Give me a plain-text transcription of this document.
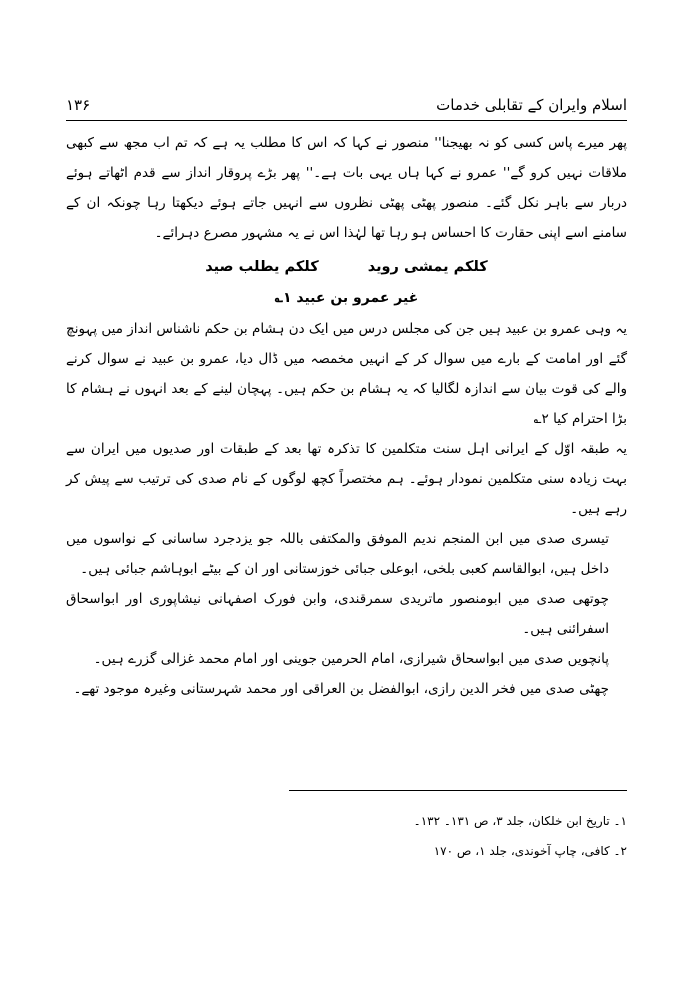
اسلام وایران کے تقابلی خدمات
۱۳۶

پھر میرے پاس کسی کو نہ بھیجنا'' منصور نے کہا کہ اس کا مطلب یہ ہے کہ تم اب مجھ سے کبھی ملاقات نہیں کرو گے'' عمرو نے کہا ہاں یہی بات ہے۔'' پھر بڑے پروقار انداز سے قدم اٹھاتے ہوئے دربار سے باہر نکل گئے۔ منصور پھٹی پھٹی نظروں سے انہیں جاتے ہوئے دیکھتا رہا چونکہ ان کے سامنے اسے اپنی حقارت کا احساس ہو رہا تھا لہٰذا اس نے یہ مشہور مصرع دہرائے۔

کلکم یمشی روید کلکم یطلب صید

غیر عمرو بن عبید ۱؎

یہ وہی عمرو بن عبید ہیں جن کی مجلس درس میں ایک دن ہشام بن حکم ناشناس انداز میں پہونچ گئے اور امامت کے بارے میں سوال کر کے انہیں مخمصہ میں ڈال دیا، عمرو بن عبید نے سوال کرنے والے کی قوت بیان سے اندازہ لگالیا کہ یہ ہشام بن حکم ہیں۔ پہچان لینے کے بعد انہوں نے ہشام کا بڑا احترام کیا ۲؎

یہ طبقہ اوّل کے ایرانی اہل سنت متکلمین کا تذکرہ تھا بعد کے طبقات اور صدیوں میں ایران سے بہت زیادہ سنی متکلمین نمودار ہوئے۔ ہم مختصراً کچھ لوگوں کے نام صدی کی ترتیب سے پیش کر رہے ہیں۔

تیسری صدی میں ابن المنجم ندیم الموفق والمکتفی باللہ جو یزدجرد ساسانی کے نواسوں میں داخل ہیں، ابوالقاسم کعبی بلخی، ابوعلی جبائی خوزستانی اور ان کے بیٹے ابوہاشم جبائی ہیں۔

چوتھی صدی میں ابومنصور ماتریدی سمرقندی، وابن فورک اصفہانی نیشاپوری اور ابواسحاق اسفرائنی ہیں۔

پانچویں صدی میں ابواسحاق شیرازی، امام الحرمین جوینی اور امام محمد غزالی گزرے ہیں۔

چھٹی صدی میں فخر الدین رازی، ابوالفضل بن العراقی اور محمد شہرستانی وغیرہ موجود تھے۔

۱۔ تاریخ ابن خلکان، جلد ۳، ص ۱۳۱۔ ۱۳۲۔

۲۔ کافی، چاپ آخوندی، جلد ۱، ص ۱۷۰
